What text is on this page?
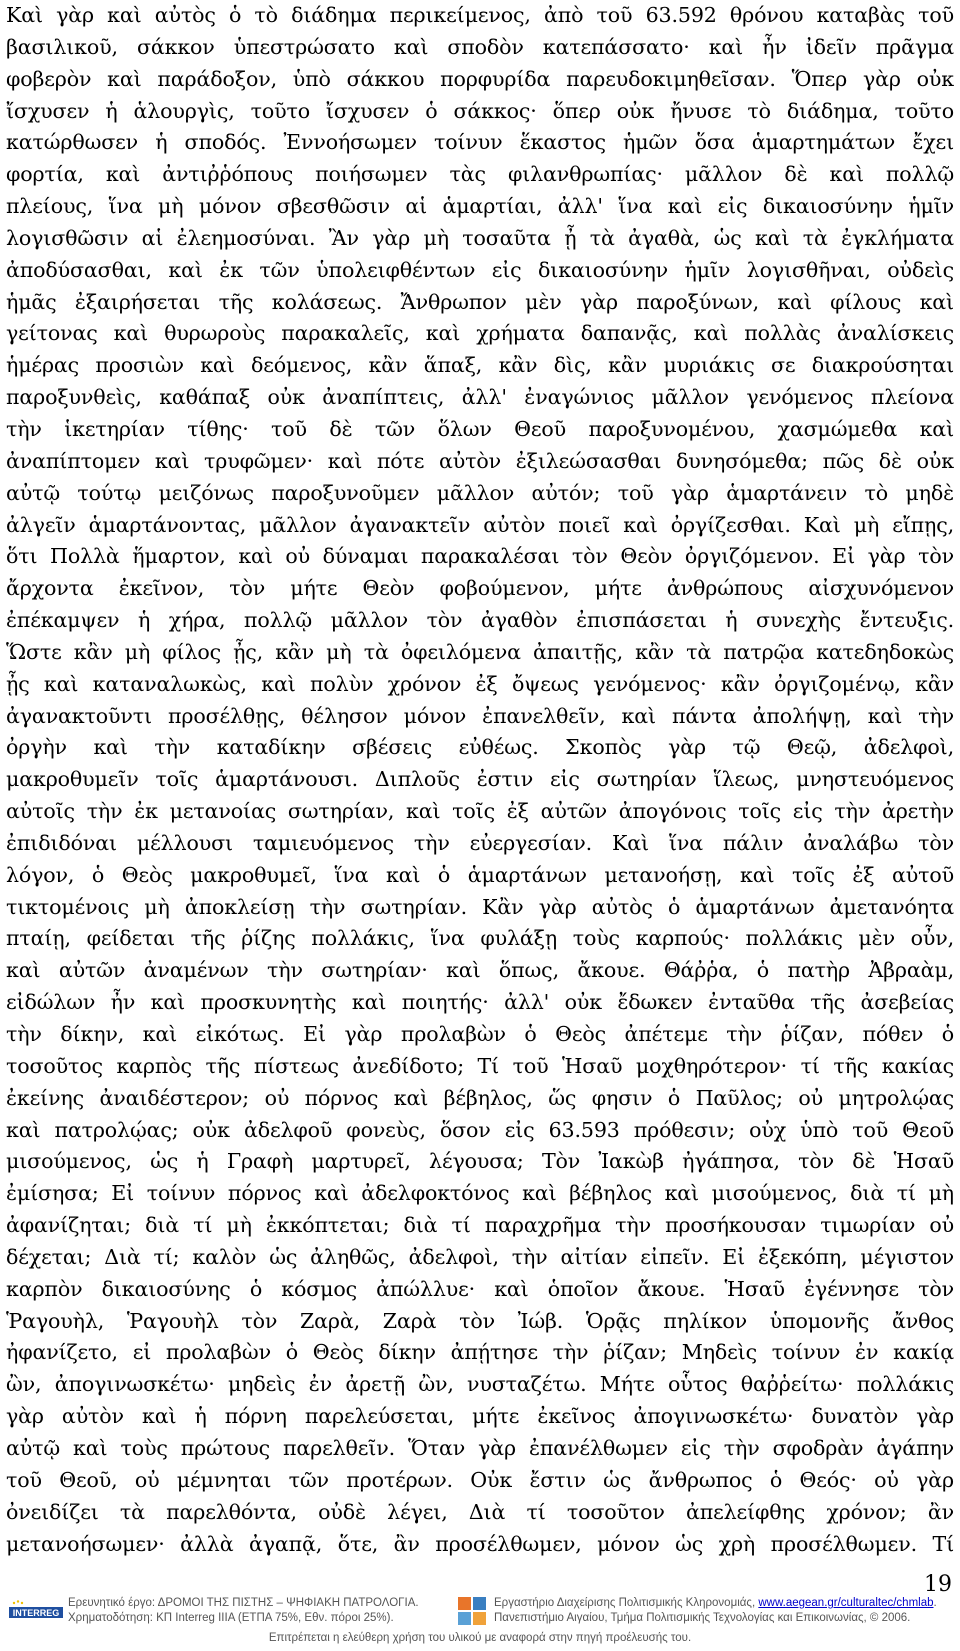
Καὶ γὰρ καὶ αὐτὸς ὁ τὸ διάδημα περικείμενος, ἀπὸ τοῦ 63.592 θρόνου καταβὰς τοῦ
βασιλικοῦ, σάκκον ὑπεστρώσατο καὶ σποδὸν κατεπάσσατο· καὶ ἦν ἰδεῖν πρᾶγμα
φοβερὸν καὶ παράδοξον, ὑπὸ σάκκου πορφυρίδα παρευδοκιμηθεῖσαν. Ὅπερ γὰρ οὐκ
ἴσχυσεν ἡ ἁλουργὶς, τοῦτο ἴσχυσεν ὁ σάκκος· ὅπερ οὐκ ἤνυσε τὸ διάδημα, τοῦτο
κατώρθωσεν ἡ σποδός. Ἐννοήσωμεν τοίνυν ἕκαστος ἡμῶν ὅσα ἁμαρτημάτων ἔχει
φορτία, καὶ ἀντιῤῥόπους ποιήσωμεν τὰς φιλανθρωπίας· μᾶλλον δὲ καὶ πολλῷ
πλείους, ἵνα μὴ μόνον σβεσθῶσιν αἱ ἁμαρτίαι, ἀλλ' ἵνα καὶ εἰς δικαιοσύνην ἡμῖν
λογισθῶσιν αἱ ἐλεημοσύναι. Ἂν γὰρ μὴ τοσαῦτα ᾖ τὰ ἀγαθὰ, ὡς καὶ τὰ ἐγκλήματα
ἀποδύσασθαι, καὶ ἐκ τῶν ὑπολειφθέντων εἰς δικαιοσύνην ἡμῖν λογισθῆναι, οὐδεὶς
ἡμᾶς ἐξαιρήσεται τῆς κολάσεως. Ἄνθρωπον μὲν γὰρ παροξύνων, καὶ φίλους καὶ
γείτονας καὶ θυρωροὺς παρακαλεῖς, καὶ χρήματα δαπανᾷς, καὶ πολλὰς ἀναλίσκεις
ἡμέρας προσιὼν καὶ δεόμενος, κἂν ἅπαξ, κἂν δὶς, κἂν μυριάκις σε διακρούσηται
παροξυνθεὶς, καθάπαξ οὐκ ἀναπίπτεις, ἀλλ' ἐναγώνιος μᾶλλον γενόμενος πλείονα
τὴν ἱκετηρίαν τίθης· τοῦ δὲ τῶν ὅλων Θεοῦ παροξυνομένου, χασμώμεθα καὶ
ἀναπίπτομεν καὶ τρυφῶμεν· καὶ πότε αὐτὸν ἐξιλεώσασθαι δυνησόμεθα; πῶς δὲ οὐκ
αὐτῷ τούτῳ μειζόνως παροξυνοῦμεν μᾶλλον αὐτόν; τοῦ γὰρ ἁμαρτάνειν τὸ μηδὲ
ἀλγεῖν ἁμαρτάνοντας, μᾶλλον ἀγανακτεῖν αὐτὸν ποιεῖ καὶ ὀργίζεσθαι. Καὶ μὴ εἴπῃς,
ὅτι Πολλὰ ἥμαρτον, καὶ οὐ δύναμαι παρακαλέσαι τὸν Θεὸν ὀργιζόμενον. Εἰ γὰρ τὸν
ἄρχοντα ἐκεῖνον, τὸν μήτε Θεὸν φοβούμενον, μήτε ἀνθρώπους αἰσχυνόμενον
ἐπέκαμψεν ἡ χήρα, πολλῷ μᾶλλον τὸν ἀγαθὸν ἐπισπάσεται ἡ συνεχὴς ἔντευξις.
Ὥστε κἂν μὴ φίλος ᾖς, κἂν μὴ τὰ ὀφειλόμενα ἀπαιτῇς, κἂν τὰ πατρῷα κατεδηδοκὼς
ᾖς καὶ καταναλωκὼς, καὶ πολὺν χρόνον ἐξ ὄψεως γενόμενος· κἂν ὀργιζομένῳ, κἂν
ἀγανακτοῦντι προσέλθῃς, θέλησον μόνον ἐπανελθεῖν, καὶ πάντα ἀπολήψῃ, καὶ τὴν
ὀργὴν καὶ τὴν καταδίκην σβέσεις εὐθέως. Σκοπὸς γὰρ τῷ Θεῷ, ἀδελφοὶ,
μακροθυμεῖν τοῖς ἁμαρτάνουσι. Διπλοῦς ἐστιν εἰς σωτηρίαν ἵλεως, μνηστευόμενος
αὐτοῖς τὴν ἐκ μετανοίας σωτηρίαν, καὶ τοῖς ἐξ αὐτῶν ἀπογόνοις τοῖς εἰς τὴν ἀρετὴν
ἐπιδιδόναι μέλλουσι ταμιευόμενος τὴν εὐεργεσίαν. Καὶ ἵνα πάλιν ἀναλάβω τὸν
λόγον, ὁ Θεὸς μακροθυμεῖ, ἵνα καὶ ὁ ἁμαρτάνων μετανοήσῃ, καὶ τοῖς ἐξ αὐτοῦ
τικτομένοις μὴ ἀποκλείσῃ τὴν σωτηρίαν. Κἂν γὰρ αὐτὸς ὁ ἁμαρτάνων ἀμετανόητα
πταίῃ, φείδεται τῆς ῥίζης πολλάκις, ἵνα φυλάξῃ τοὺς καρπούς· πολλάκις μὲν οὖν,
καὶ αὐτῶν ἀναμένων τὴν σωτηρίαν· καὶ ὅπως, ἄκουε. Θάῤῥα, ὁ πατὴρ Ἀβραὰμ,
εἰδώλων ἦν καὶ προσκυνητὴς καὶ ποιητής· ἀλλ' οὐκ ἔδωκεν ἐνταῦθα τῆς ἀσεβείας
τὴν δίκην, καὶ εἰκότως. Εἰ γὰρ προλαβὼν ὁ Θεὸς ἀπέτεμε τὴν ῥίζαν, πόθεν ὁ
τοσοῦτος καρπὸς τῆς πίστεως ἀνεδίδοτο; Τί τοῦ Ἡσαῦ μοχθηρότερον· τί τῆς κακίας
ἐκείνης ἀναιδέστερον; οὐ πόρνος καὶ βέβηλος, ὥς φησιν ὁ Παῦλος; οὐ μητρολῴας
καὶ πατρολῴας; οὐκ ἀδελφοῦ φονεὺς, ὅσον εἰς 63.593 πρόθεσιν; οὐχ ὑπὸ τοῦ Θεοῦ
μισούμενος, ὡς ἡ Γραφὴ μαρτυρεῖ, λέγουσα; Τὸν Ἰακὼβ ἠγάπησα, τὸν δὲ Ἡσαῦ
ἐμίσησα; Εἰ τοίνυν πόρνος καὶ ἀδελφοκτόνος καὶ βέβηλος καὶ μισούμενος, διὰ τί μὴ
ἀφανίζηται; διὰ τί μὴ ἐκκόπτεται; διὰ τί παραχρῆμα τὴν προσήκουσαν τιμωρίαν οὐ
δέχεται; Διὰ τί; καλὸν ὡς ἀληθῶς, ἀδελφοὶ, τὴν αἰτίαν εἰπεῖν. Εἰ ἐξεκόπη, μέγιστον
καρπὸν δικαιοσύνης ὁ κόσμος ἀπώλλυε· καὶ ὁποῖον ἄκουε. Ἡσαῦ ἐγέννησε τὸν
Ῥαγουὴλ, Ῥαγουὴλ τὸν Ζαρὰ, Ζαρὰ τὸν Ἰώβ. Ὁρᾷς πηλίκον ὑπομονῆς ἄνθος
ἠφανίζετο, εἰ προλαβὼν ὁ Θεὸς δίκην ἀπῄτησε τὴν ῥίζαν; Μηδεὶς τοίνυν ἐν κακίᾳ
ὢν, ἀπογινωσκέτω· μηδεὶς ἐν ἀρετῇ ὢν, νυσταζέτω. Μήτε οὗτος θαῤῥείτω· πολλάκις
γὰρ αὐτὸν καὶ ἡ πόρνη παρελεύσεται, μήτε ἐκεῖνος ἀπογινωσκέτω· δυνατὸν γὰρ
αὐτῷ καὶ τοὺς πρώτους παρελθεῖν. Ὅταν γὰρ ἐπανέλθωμεν εἰς τὴν σφοδρὰν ἀγάπην
τοῦ Θεοῦ, οὐ μέμνηται τῶν προτέρων. Οὐκ ἔστιν ὡς ἄνθρωπος ὁ Θεός· οὐ γὰρ
ὀνειδίζει τὰ παρελθόντα, οὐδὲ λέγει, Διὰ τί τοσοῦτον ἀπελείφθης χρόνον; ἂν
μετανοήσωμεν· ἀλλὰ ἀγαπᾷ, ὅτε, ἂν προσέλθωμεν, μόνον ὡς χρὴ προσέλθωμεν. Τί
19
INTERREG
Ερευνητικό έργο: ΔΡΟΜΟΙ ΤΗΣ ΠΙΣΤΗΣ – ΨΗΦΙΑΚΗ ΠΑΤΡΟΛΟΓΙΑ.
Χρηματοδότηση: ΚΠ Interreg IIIA (ΕΤΠΑ 75%, Εθν. πόροι 25%).
Εργαστήριο Διαχείρισης Πολιτισμικής Κληρονομιάς, www.aegean.gr/culturaltec/chmlab.
Πανεπιστήμιο Αιγαίου, Τμήμα Πολιτισμικής Τεχνολογίας και Επικοινωνίας, © 2006.
Επιτρέπεται η ελεύθερη χρήση του υλικού με αναφορά στην πηγή προέλευσής του.
